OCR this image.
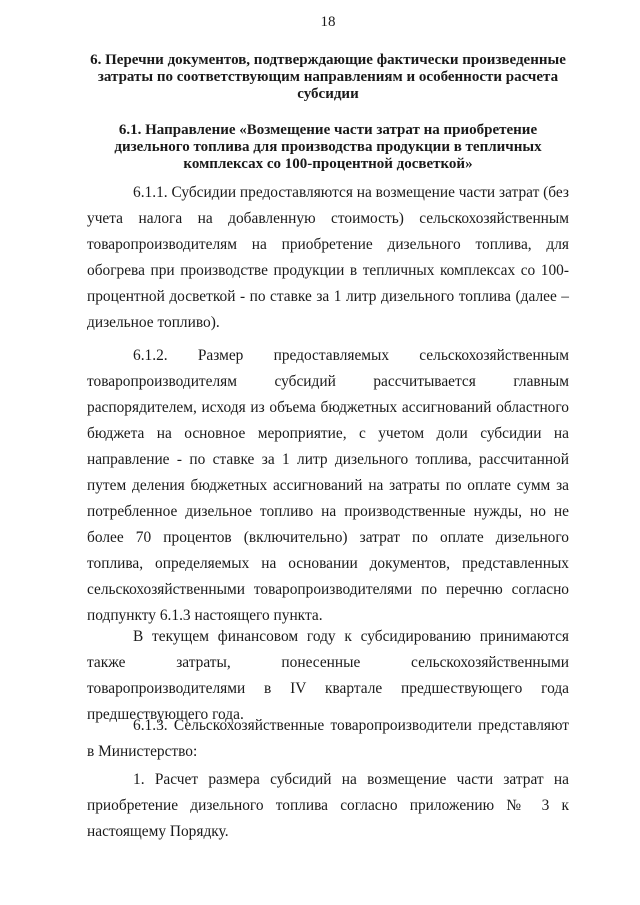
18
6. Перечни документов, подтверждающие фактически произведенные затраты по соответствующим направлениям и особенности расчета субсидии
6.1. Направление «Возмещение части затрат на приобретение дизельного топлива для производства продукции в тепличных комплексах со 100-процентной досветкой»

6.1.1. Субсидии предоставляются на возмещение части затрат (без учета налога на добавленную стоимость) сельскохозяйственным товаропроизводителям на приобретение дизельного топлива, для обогрева при производстве продукции в тепличных комплексах со 100-процентной досветкой - по ставке за 1 литр дизельного топлива (далее – дизельное топливо).

6.1.2. Размер предоставляемых сельскохозяйственным товаропроизводителям субсидий рассчитывается главным распорядителем, исходя из объема бюджетных ассигнований областного бюджета на основное мероприятие, с учетом доли субсидии на направление - по ставке за 1 литр дизельного топлива, рассчитанной путем деления бюджетных ассигнований на затраты по оплате сумм за потребленное дизельное топливо на производственные нужды, но не более 70 процентов (включительно) затрат по оплате дизельного топлива, определяемых на основании документов, представленных сельскохозяйственными товаропроизводителями по перечню согласно подпункту 6.1.3 настоящего пункта.

В текущем финансовом году к субсидированию принимаются также затраты, понесенные сельскохозяйственными товаропроизводителями в IV квартале предшествующего года предшествующего года.

6.1.3. Сельскохозяйственные товаропроизводители представляют в Министерство:

1. Расчет размера субсидий на возмещение части затрат на приобретение дизельного топлива согласно приложению № 3 к настоящему Порядку.
